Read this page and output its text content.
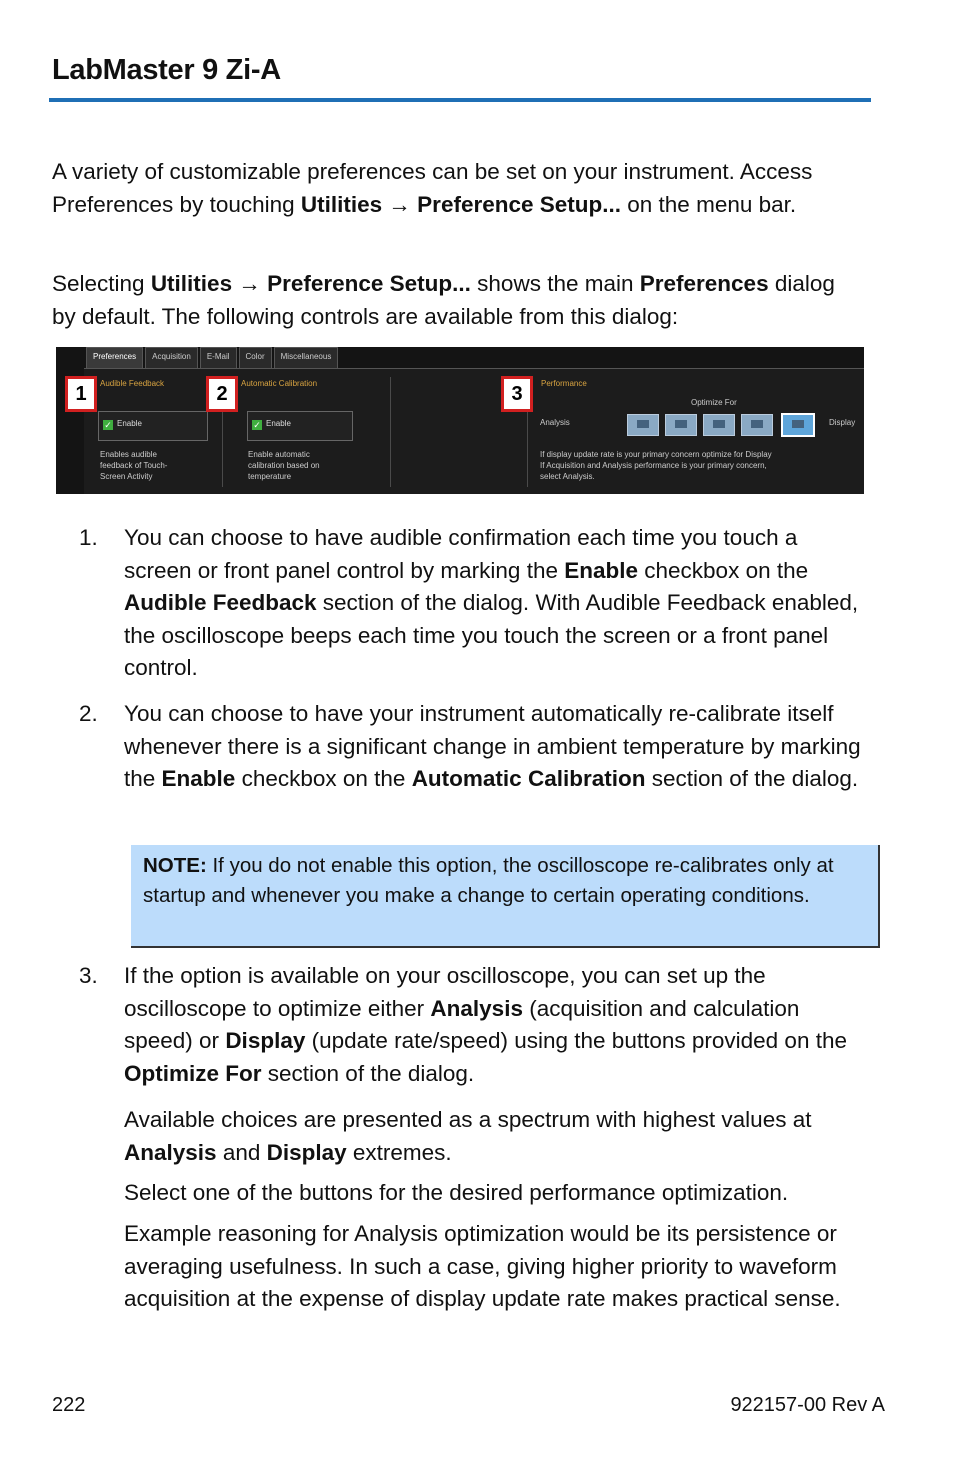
LabMaster 9 Zi-A
A variety of customizable preferences can be set on your instrument. Access Preferences by touching Utilities → Preference Setup... on the menu bar.
Selecting Utilities → Preference Setup... shows the main Preferences dialog by default. The following controls are available from this dialog:
Preferences	Acquisition	E-Mail	Color	Miscellaneous
1	Audible Feedback
✓ Enable
Enables audible feedback of Touch-Screen Activity
2	Automatic Calibration
✓ Enable
Enable automatic calibration based on temperature
3	Performance
Optimize For
Analysis	Display
If display update rate is your primary concern optimize for Display
If Acquisition and Analysis performance is your primary concern,
select Analysis.
1. You can choose to have audible confirmation each time you touch a screen or front panel control by marking the Enable checkbox on the Audible Feedback section of the dialog. With Audible Feedback enabled, the oscilloscope beeps each time you touch the screen or a front panel control.
2. You can choose to have your instrument automatically re-calibrate itself whenever there is a significant change in ambient temperature by marking the Enable checkbox on the Automatic Calibration section of the dialog.
NOTE: If you do not enable this option, the oscilloscope re-calibrates only at startup and whenever you make a change to certain operating conditions.
3. If the option is available on your oscilloscope, you can set up the oscilloscope to optimize either Analysis (acquisition and calculation speed) or Display (update rate/speed) using the buttons provided on the Optimize For section of the dialog.
Available choices are presented as a spectrum with highest values at Analysis and Display extremes.
Select one of the buttons for the desired performance optimization.
Example reasoning for Analysis optimization would be its persistence or averaging usefulness. In such a case, giving higher priority to waveform acquisition at the expense of display update rate makes practical sense.
222	922157-00 Rev A
